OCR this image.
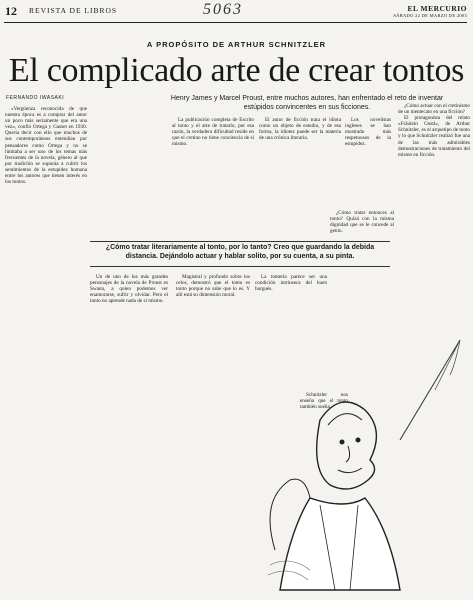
12 REVISTA DE LIBROS	5063	EL MERCURIO
SÁBADO 22 DE MARZO DE 2003
A PROPÓSITO DE ARTHUR SCHNITZLER
El complicado arte de crear tontos
FERNANDO IWASAKI	Henry James y Marcel Proust, entre muchos autores, han enfrentado el reto de inventar estúpidos convincentes en sus ficciones.

«Vergüenza reconocida de que nuestra época es a comprar del autor un poco más seriamente que era una vez», confió Ortega y Gasset en 1930. Quería decir con ello que muchos de sus contemporáneos entendían por pensadores como Ortega y no se limitaba a ser uno de los temas más frecuentes de la novela, género al que por tradición se suponía a cubrir los sentimientos de la estupidez humana entre los autores que tienen interés en los tontos.

La publicación completa de Escrito al tonto y el arte de tratarlo, por esa razón, la verdadera dificultad reside en que el cretino no tiene conciencia de sí mismo.

El autor de ficción trata el idiota como un objeto de estudio, y de esa forma, la idiotez puede ser la materia de una crónica literaria.

Los novelistas ingleses se han mostrado más respetuosos de la estupidez.

¿Cómo actuar con el cretinismo de un mentecato en una ficción?

El protagonista del relato «Fräulein Gustl», de Arthur Schnitzler, es el arquetipo de tonto y lo que Schnitzler realizó fue una de las más admirables demostraciones de tratamiento del mismo en ficción.

¿Cómo tratar literariamente al tonto, por lo tanto? Creo que guardando la debida distancia. Dejándolo actuar y hablar solito, por su cuenta, a su pinta.

Un de uno de los más grandes personajes de la novela de Proust es Swann, a quien podemos ver enamorarse, sufrir y olvidar. Pero el tonto no aprende nada de sí mismo.

Magistral y profundo sobre los celos, demostró que el tonto es tonto porque no sabe que lo es. Y allí está su dimensión moral.

La tontería parece ser una condición intrínseca del buen burgués.

¿Cómo tratar entonces al tonto? Quizá con la misma dignidad que se le concede al genio.

Schnitzler nos enseña que el tonto también sueña.
